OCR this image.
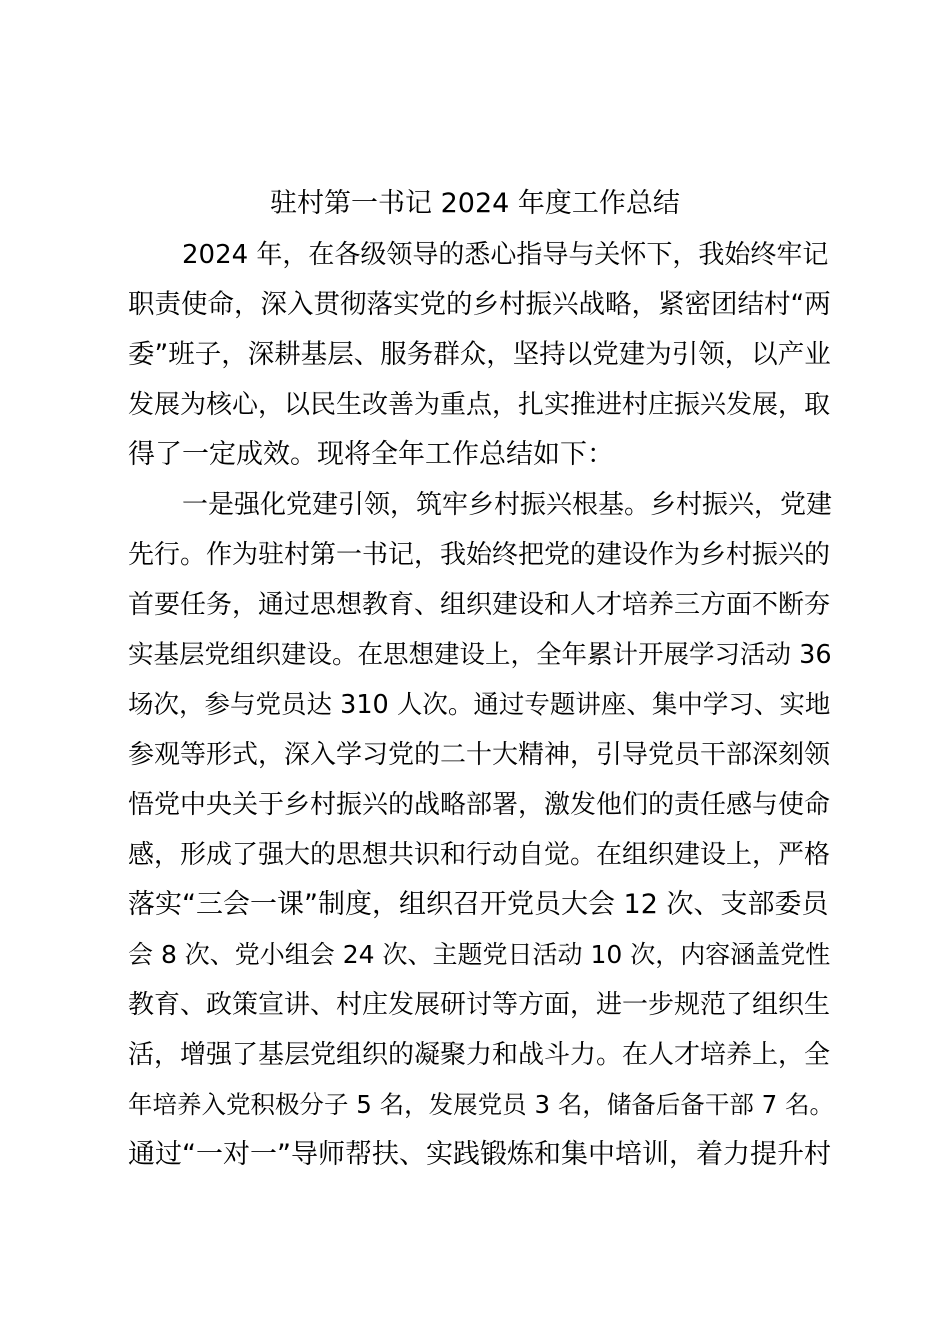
驻村第一书记 2024 年度工作总结
2024 年，在各级领导的悉心指导与关怀下，我始终牢记
职责使命，深入贯彻落实党的乡村振兴战略，紧密团结村“两
委”班子，深耕基层、服务群众，坚持以党建为引领，以产业
发展为核心，以民生改善为重点，扎实推进村庄振兴发展，取
得了一定成效。现将全年工作总结如下：
一是强化党建引领，筑牢乡村振兴根基。乡村振兴，党建
先行。作为驻村第一书记，我始终把党的建设作为乡村振兴的
首要任务，通过思想教育、组织建设和人才培养三方面不断夯
实基层党组织建设。在思想建设上，全年累计开展学习活动 36
场次，参与党员达 310 人次。通过专题讲座、集中学习、实地
参观等形式，深入学习党的二十大精神，引导党员干部深刻领
悟党中央关于乡村振兴的战略部署，激发他们的责任感与使命
感，形成了强大的思想共识和行动自觉。在组织建设上，严格
落实“三会一课”制度，组织召开党员大会 12 次、支部委员
会 8 次、党小组会 24 次、主题党日活动 10 次，内容涵盖党性
教育、政策宣讲、村庄发展研讨等方面，进一步规范了组织生
活，增强了基层党组织的凝聚力和战斗力。在人才培养上，全
年培养入党积极分子 5 名，发展党员 3 名，储备后备干部 7 名。
通过“一对一”导师帮扶、实践锻炼和集中培训，着力提升村
